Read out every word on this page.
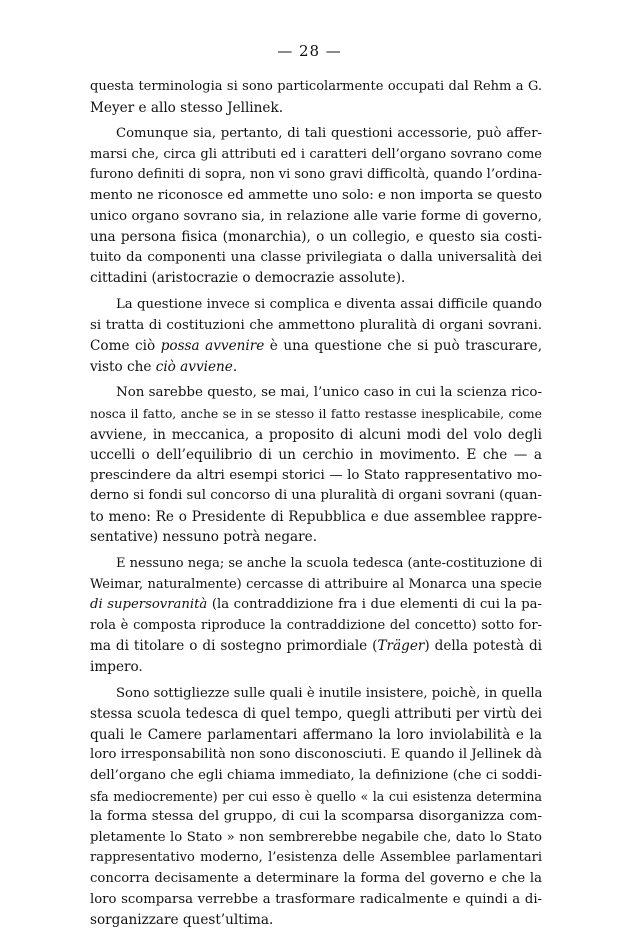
— 28 —
questa terminologia si sono particolarmente occupati dal Rehm a G.
Meyer e allo stesso Jellinek.
Comunque sia, pertanto, di tali questioni accessorie, può affer-
marsi che, circa gli attributi ed i caratteri dell’organo sovrano come
furono definiti di sopra, non vi sono gravi difficoltà, quando l’ordina-
mento ne riconosce ed ammette uno solo: e non importa se questo
unico organo sovrano sia, in relazione alle varie forme di governo,
una persona fisica (monarchia), o un collegio, e questo sia costi-
tuito da componenti una classe privilegiata o dalla universalità dei
cittadini (aristocrazie o democrazie assolute).
La questione invece si complica e diventa assai difficile quando
si tratta di costituzioni che ammettono pluralità di organi sovrani.
Come ciò possa avvenire è una questione che si può trascurare,
visto che ciò avviene.
Non sarebbe questo, se mai, l’unico caso in cui la scienza rico-
nosca il fatto, anche se in se stesso il fatto restasse inesplicabile, come
avviene, in meccanica, a proposito di alcuni modi del volo degli
uccelli o dell’equilibrio di un cerchio in movimento. E che — a
prescindere da altri esempi storici — lo Stato rappresentativo mo-
derno si fondi sul concorso di una pluralità di organi sovrani (quan-
to meno: Re o Presidente di Repubblica e due assemblee rappre-
sentative) nessuno potrà negare.
E nessuno nega; se anche la scuola tedesca (ante-costituzione di
Weimar, naturalmente) cercasse di attribuire al Monarca una specie
di supersovranità (la contraddizione fra i due elementi di cui la pa-
rola è composta riproduce la contraddizione del concetto) sotto for-
ma di titolare o di sostegno primordiale (Träger) della potestà di
impero.
Sono sottigliezze sulle quali è inutile insistere, poichè, in quella
stessa scuola tedesca di quel tempo, quegli attributi per virtù dei
quali le Camere parlamentari affermano la loro inviolabilità e la
loro irresponsabilità non sono disconosciuti. E quando il Jellinek dà
dell’organo che egli chiama immediato, la definizione (che ci soddi-
sfa mediocremente) per cui esso è quello « la cui esistenza determina
la forma stessa del gruppo, di cui la scomparsa disorganizza com-
pletamente lo Stato » non sembrerebbe negabile che, dato lo Stato
rappresentativo moderno, l’esistenza delle Assemblee parlamentari
concorra decisamente a determinare la forma del governo e che la
loro scomparsa verrebbe a trasformare radicalmente e quindi a di-
sorganizzare quest’ultima.
